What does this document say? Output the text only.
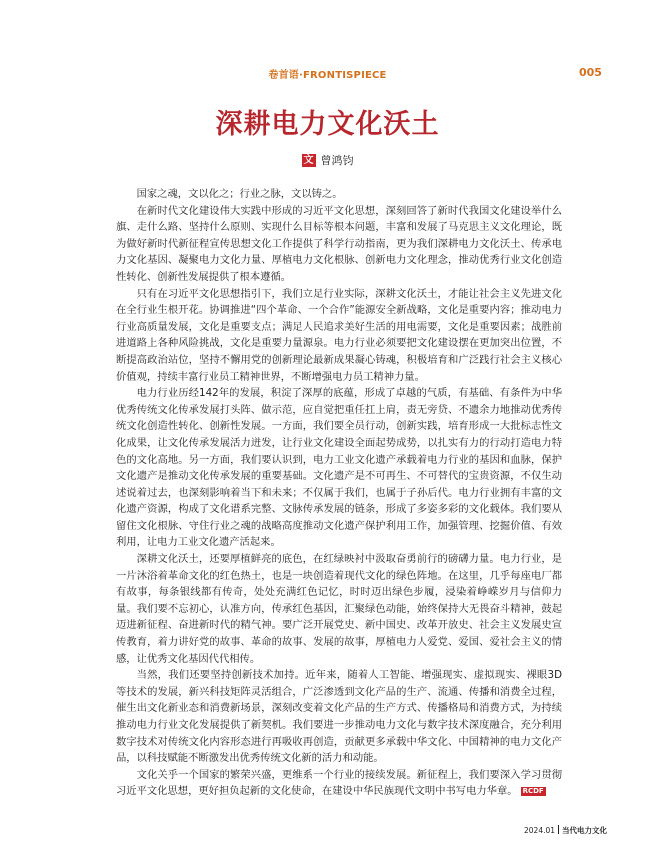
卷首语·FRONTISPIECE	005
深耕电力文化沃土
文 曾鸿钧

国家之魂，文以化之；行业之脉，文以铸之。

在新时代文化建设伟大实践中形成的习近平文化思想，深刻回答了新时代我国文化建设举什么旗、走什么路、坚持什么原则、实现什么目标等根本问题，丰富和发展了马克思主义文化理论，既为做好新时代新征程宣传思想文化工作提供了科学行动指南，更为我们深耕电力文化沃土、传承电力文化基因、凝聚电力文化力量、厚植电力文化根脉、创新电力文化理念，推动优秀行业文化创造性转化、创新性发展提供了根本遵循。

只有在习近平文化思想指引下，我们立足行业实际，深耕文化沃土，才能让社会主义先进文化在全行业生根开花。协调推进“四个革命、一个合作”能源安全新战略，文化是重要内容；推动电力行业高质量发展，文化是重要支点；满足人民追求美好生活的用电需要，文化是重要因素；战胜前进道路上各种风险挑战，文化是重要力量源泉。电力行业必须要把文化建设摆在更加突出位置，不断提高政治站位，坚持不懈用党的创新理论最新成果凝心铸魂，积极培育和广泛践行社会主义核心价值观，持续丰富行业员工精神世界，不断增强电力员工精神力量。

电力行业历经142年的发展，积淀了深厚的底蕴，形成了卓越的气质，有基础、有条件为中华优秀传统文化传承发展打头阵、做示范，应自觉把重任扛上肩，责无旁贷、不遗余力地推动优秀传统文化创造性转化、创新性发展。一方面，我们要全员行动，创新实践，培育形成一大批标志性文化成果，让文化传承发展活力迸发，让行业文化建设全面起势成势，以扎实有力的行动打造电力特色的文化高地。另一方面，我们要认识到，电力工业文化遗产承载着电力行业的基因和血脉，保护文化遗产是推动文化传承发展的重要基础。文化遗产是不可再生、不可替代的宝贵资源，不仅生动述说着过去，也深刻影响着当下和未来；不仅属于我们，也属于子孙后代。电力行业拥有丰富的文化遗产资源，构成了文化谱系完整、文脉传承发展的链条，形成了多姿多彩的文化载体。我们要从留住文化根脉、守住行业之魂的战略高度推动文化遗产保护利用工作，加强管理、挖掘价值、有效利用，让电力工业文化遗产活起来。

深耕文化沃土，还要厚植鲜亮的底色，在红绿映衬中汲取奋勇前行的磅礴力量。电力行业，是一片沐浴着革命文化的红色热土，也是一块创造着现代文化的绿色阵地。在这里，几乎每座电厂都有故事，每条银线都有传奇，处处充满红色记忆，时时迈出绿色步履，浸染着峥嵘岁月与信仰力量。我们要不忘初心，认准方向，传承红色基因，汇聚绿色动能，始终保持大无畏奋斗精神，鼓起迈进新征程、奋进新时代的精气神。要广泛开展党史、新中国史、改革开放史、社会主义发展史宣传教育，着力讲好党的故事、革命的故事、发展的故事，厚植电力人爱党、爱国、爱社会主义的情感，让优秀文化基因代代相传。

当然，我们还要坚持创新技术加持。近年来，随着人工智能、增强现实、虚拟现实、裸眼3D等技术的发展，新兴科技矩阵灵活组合，广泛渗透到文化产品的生产、流通、传播和消费全过程，催生出文化新业态和消费新场景，深刻改变着文化产品的生产方式、传播格局和消费方式，为持续推动电力行业文化发展提供了新契机。我们要进一步推动电力文化与数字技术深度融合，充分利用数字技术对传统文化内容形态进行再吸收再创造，贡献更多承载中华文化、中国精神的电力文化产品，以科技赋能不断激发出优秀传统文化新的活力和动能。

文化关乎一个国家的繁荣兴盛，更维系一个行业的接续发展。新征程上，我们要深入学习贯彻习近平文化思想，更好担负起新的文化使命，在建设中华民族现代文明中书写电力华章。 RCDF

2024.01 当代电力文化
